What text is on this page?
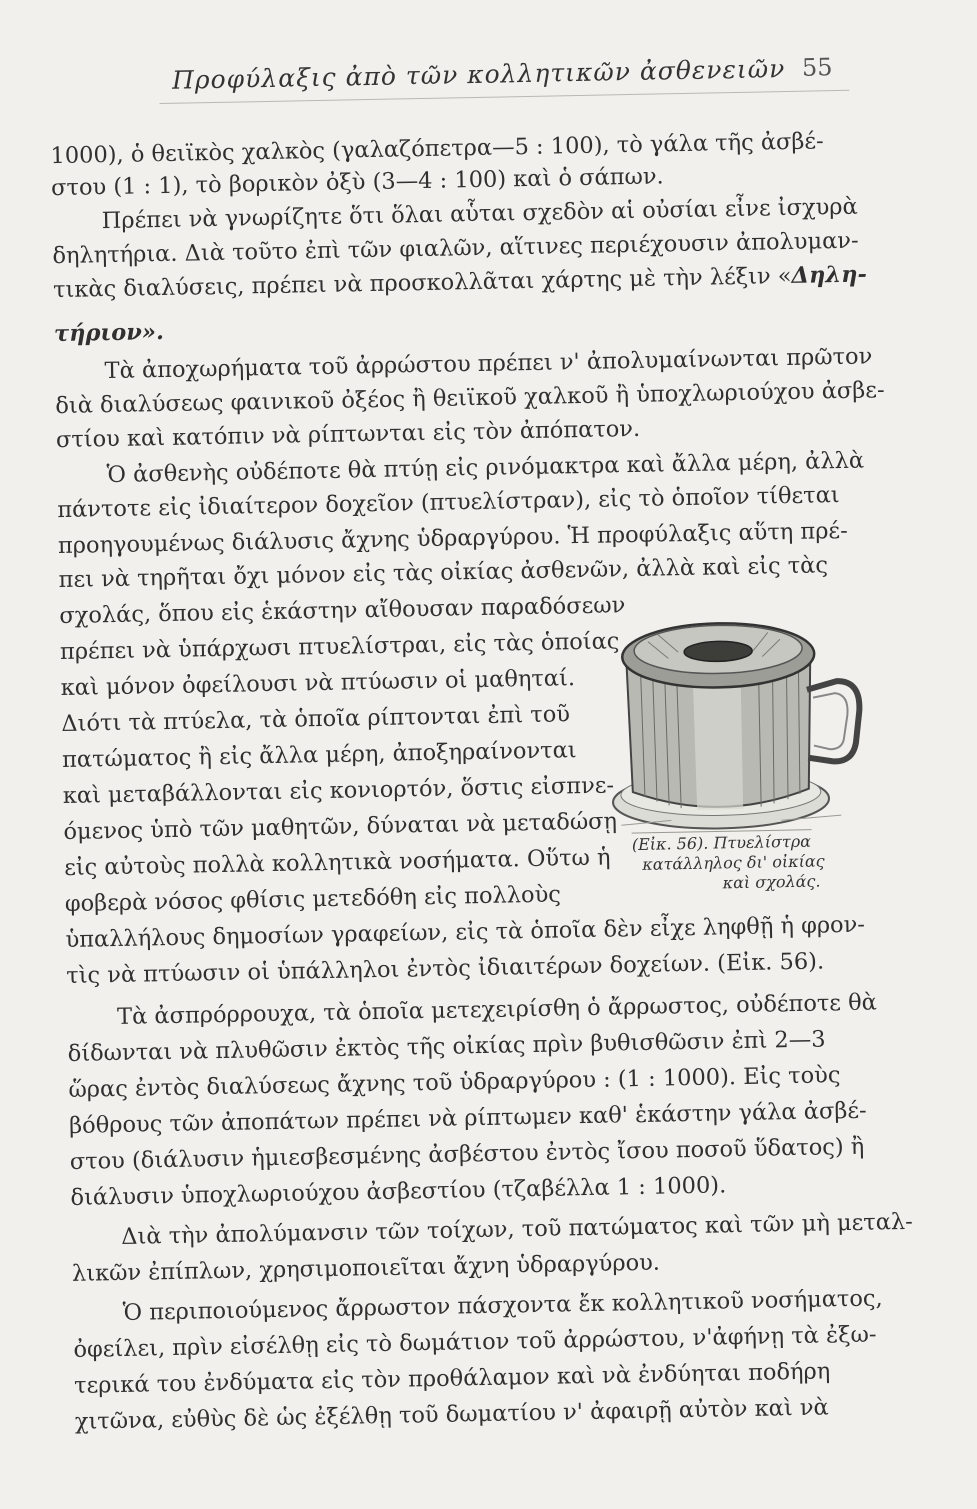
Προφύλαξις ἀπὸ τῶν κολλητικῶν ἀσθενειῶν 55
1000), ὁ θειϊκὸς χαλκὸς (γαλαζόπετρα—5 : 100), τὸ γάλα τῆς ἀσβέ-
στου (1 : 1), τὸ βορικὸν ὀξὺ (3—4 : 100) καὶ ὁ σάπων.
Πρέπει νὰ γνωρίζητε ὅτι ὅλαι αὗται σχεδὸν αἱ οὐσίαι εἶνε ἰσχυρὰ
δηλητήρια. Διὰ τοῦτο ἐπὶ τῶν φιαλῶν, αἵτινες περιέχουσιν ἀπολυμαν-
τικὰς διαλύσεις, πρέπει νὰ προσκολλᾶται χάρτης μὲ τὴν λέξιν «Δηλη-
τήριον».
Τὰ ἀποχωρήματα τοῦ ἀρρώστου πρέπει ν' ἀπολυμαίνωνται πρῶτον
διὰ διαλύσεως φαινικοῦ ὀξέος ἢ θειϊκοῦ χαλκοῦ ἢ ὑποχλωριούχου ἀσβε-
στίου καὶ κατόπιν νὰ ρίπτωνται εἰς τὸν ἀπόπατον.
Ὁ ἀσθενὴς οὐδέποτε θὰ πτύῃ εἰς ρινόμακτρα καὶ ἄλλα μέρη, ἀλλὰ
πάντοτε εἰς ἰδιαίτερον δοχεῖον (πτυελίστραν), εἰς τὸ ὁποῖον τίθεται
προηγουμένως διάλυσις ἄχνης ὑδραργύρου. Ἡ προφύλαξις αὕτη πρέ-
πει νὰ τηρῆται ὄχι μόνον εἰς τὰς οἰκίας ἀσθενῶν, ἀλλὰ καὶ εἰς τὰς
σχολάς, ὅπου εἰς ἑκάστην αἴθουσαν παραδόσεων
πρέπει νὰ ὑπάρχωσι πτυελίστραι, εἰς τὰς ὁποίας
καὶ μόνον ὀφείλουσι νὰ πτύωσιν οἱ μαθηταί.
Διότι τὰ πτύελα, τὰ ὁποῖα ρίπτονται ἐπὶ τοῦ
πατώματος ἢ εἰς ἄλλα μέρη, ἀποξηραίνονται
καὶ μεταβάλλονται εἰς κονιορτόν, ὅστις εἰσπνε-
όμενος ὑπὸ τῶν μαθητῶν, δύναται νὰ μεταδώσῃ
εἰς αὐτοὺς πολλὰ κολλητικὰ νοσήματα. Οὕτω ἡ
φοβερὰ νόσος φθίσις μετεδόθη εἰς πολλοὺς
ὑπαλλήλους δημοσίων γραφείων, εἰς τὰ ὁποῖα δὲν εἶχε ληφθῇ ἡ φρον-
τὶς νὰ πτύωσιν οἱ ὑπάλληλοι ἐντὸς ἰδιαιτέρων δοχείων. (Εἰκ. 56).
Τὰ ἀσπρόρρουχα, τὰ ὁποῖα μετεχειρίσθη ὁ ἄρρωστος, οὐδέποτε θὰ
δίδωνται νὰ πλυθῶσιν ἐκτὸς τῆς οἰκίας πρὶν βυθισθῶσιν ἐπὶ 2—3
ὥρας ἐντὸς διαλύσεως ἄχνης τοῦ ὑδραργύρου : (1 : 1000). Εἰς τοὺς
βόθρους τῶν ἀποπάτων πρέπει νὰ ρίπτωμεν καθ' ἑκάστην γάλα ἀσβέ-
στου (διάλυσιν ἡμιεσβεσμένης ἀσβέστου ἐντὸς ἴσου ποσοῦ ὕδατος) ἢ
διάλυσιν ὑποχλωριούχου ἀσβεστίου (τζαβέλλα 1 : 1000).
Διὰ τὴν ἀπολύμανσιν τῶν τοίχων, τοῦ πατώματος καὶ τῶν μὴ μεταλ-
λικῶν ἐπίπλων, χρησιμοποιεῖται ἄχνη ὑδραργύρου.
Ὁ περιποιούμενος ἄρρωστον πάσχοντα ἔκ κολλητικοῦ νοσήματος,
ὀφείλει, πρὶν εἰσέλθῃ εἰς τὸ δωμάτιον τοῦ ἀρρώστου, ν'ἀφήνῃ τὰ ἐξω-
τερικά του ἐνδύματα εἰς τὸν προθάλαμον καὶ νὰ ἐνδύηται ποδήρη
χιτῶνα, εὐθὺς δὲ ὡς ἐξέλθῃ τοῦ δωματίου ν' ἀφαιρῇ αὐτὸν καὶ νὰ
(Εἰκ. 56). Πτυελίστρα
κατάλληλος δι' οἰκίας
καὶ σχολάς.
